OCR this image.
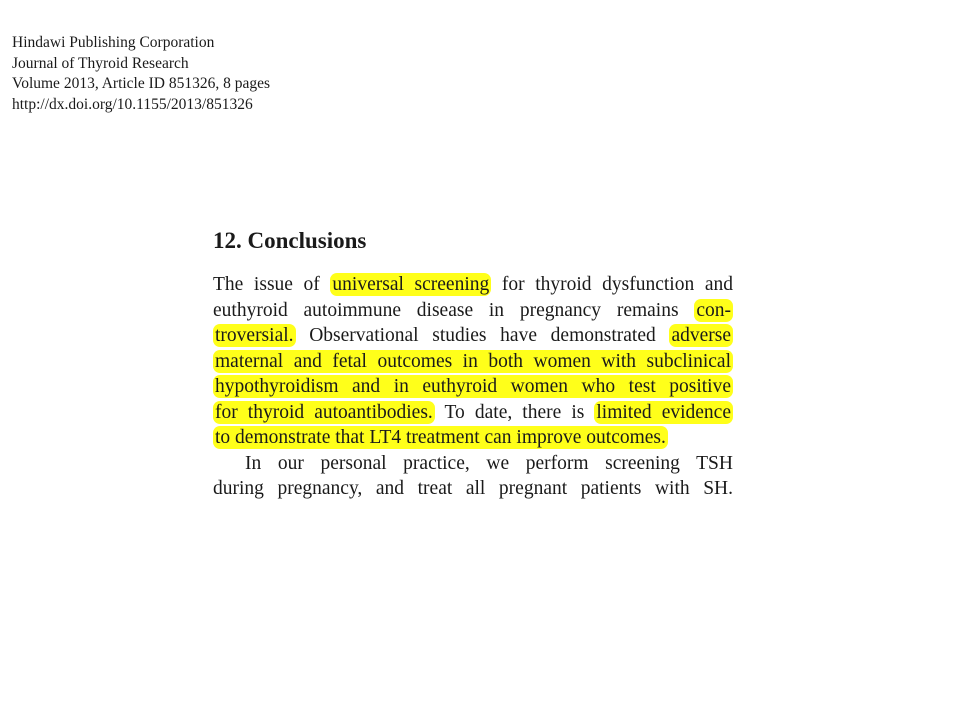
Hindawi Publishing Corporation
Journal of Thyroid Research
Volume 2013, Article ID 851326, 8 pages
http://dx.doi.org/10.1155/2013/851326
12. Conclusions
The issue of universal screening for thyroid dysfunction and
euthyroid autoimmune disease in pregnancy remains con-
troversial. Observational studies have demonstrated adverse
maternal and fetal outcomes in both women with subclinical
hypothyroidism and in euthyroid women who test positive
for thyroid autoantibodies. To date, there is limited evidence
to demonstrate that LT4 treatment can improve outcomes.
In our personal practice, we perform screening TSH
during pregnancy, and treat all pregnant patients with SH.
